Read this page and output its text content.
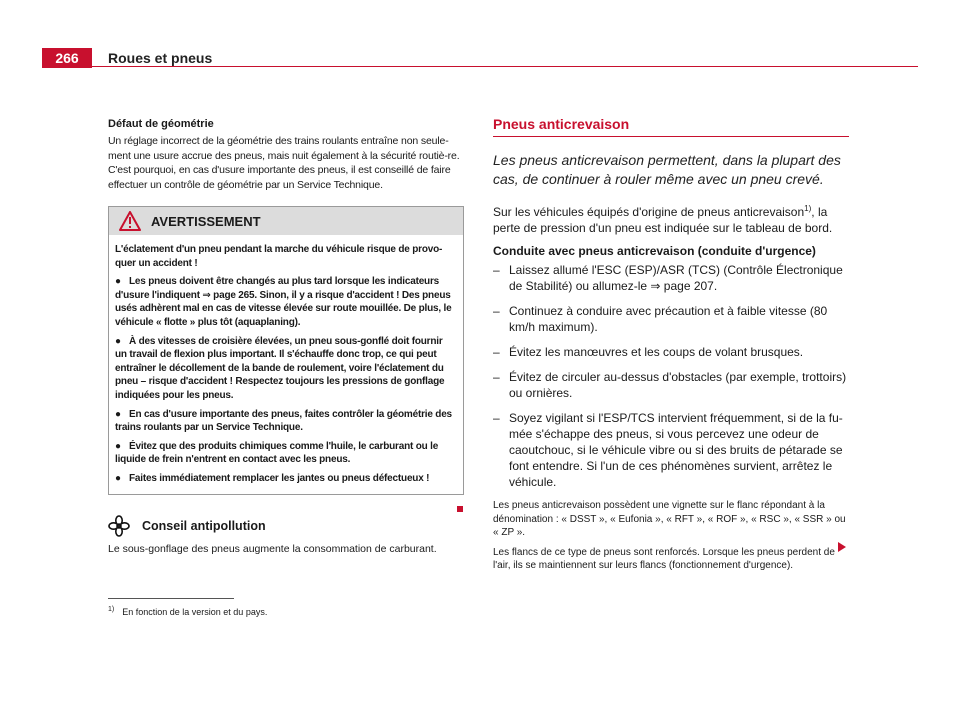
266	Roues et pneus
Défaut de géométrie

Un réglage incorrect de la géométrie des trains roulants entraîne non seule-ment une usure accrue des pneus, mais nuit également à la sécurité routiè-re. C'est pourquoi, en cas d'usure importante des pneus, il est conseillé de faire effectuer un contrôle de géométrie par un Service Technique.

AVERTISSEMENT

L'éclatement d'un pneu pendant la marche du véhicule risque de provo-quer un accident !

● Les pneus doivent être changés au plus tard lorsque les indicateurs d'usure l'indiquent ⇒ page 265. Sinon, il y a risque d'accident ! Des pneus usés adhèrent mal en cas de vitesse élevée sur route mouillée. De plus, le véhicule « flotte » plus tôt (aquaplaning).

● À des vitesses de croisière élevées, un pneu sous-gonflé doit fournir un travail de flexion plus important. Il s'échauffe donc trop, ce qui peut entraîner le décollement de la bande de roulement, voire l'éclatement du pneu – risque d'accident ! Respectez toujours les pressions de gonflage indiquées pour les pneus.

● En cas d'usure importante des pneus, faites contrôler la géométrie des trains roulants par un Service Technique.

● Évitez que des produits chimiques comme l'huile, le carburant ou le liquide de frein n'entrent en contact avec les pneus.

● Faites immédiatement remplacer les jantes ou pneus défectueux !

Conseil antipollution
Le sous-gonflage des pneus augmente la consommation de carburant.
Pneus anticrevaison
Les pneus anticrevaison permettent, dans la plupart des cas, de continuer à rouler même avec un pneu crevé.

Sur les véhicules équipés d'origine de pneus anticrevaison$^{1)}$, la perte de pression d'un pneu est indiquée sur le tableau de bord.

Conduite avec pneus anticrevaison (conduite d'urgence)
– Laissez allumé l'ESC (ESP)/ASR (TCS) (Contrôle Électronique de Stabilité) ou allumez-le ⇒ page 207.
– Continuez à conduire avec précaution et à faible vitesse (80 km/h maximum).
– Évitez les manœuvres et les coups de volant brusques.
– Évitez de circuler au-dessus d'obstacles (par exemple, trottoirs) ou ornières.
– Soyez vigilant si l'ESP/TCS intervient fréquemment, si de la fu-mée s'échappe des pneus, si vous percevez une odeur de caoutchouc, si le véhicule vibre ou si des bruits de pétarade se font entendre. Si l'un de ces phénomènes survient, arrêtez le véhicule.

Les pneus anticrevaison possèdent une vignette sur le flanc répondant à la dénomination : « DSST », « Eufonia », « RFT », « ROF », « RSC », « SSR » ou « ZP ».

Les flancs de ce type de pneus sont renforcés. Lorsque les pneus perdent de l'air, ils se maintiennent sur leurs flancs (fonctionnement d'urgence).

$^{1)}$ En fonction de la version et du pays.
